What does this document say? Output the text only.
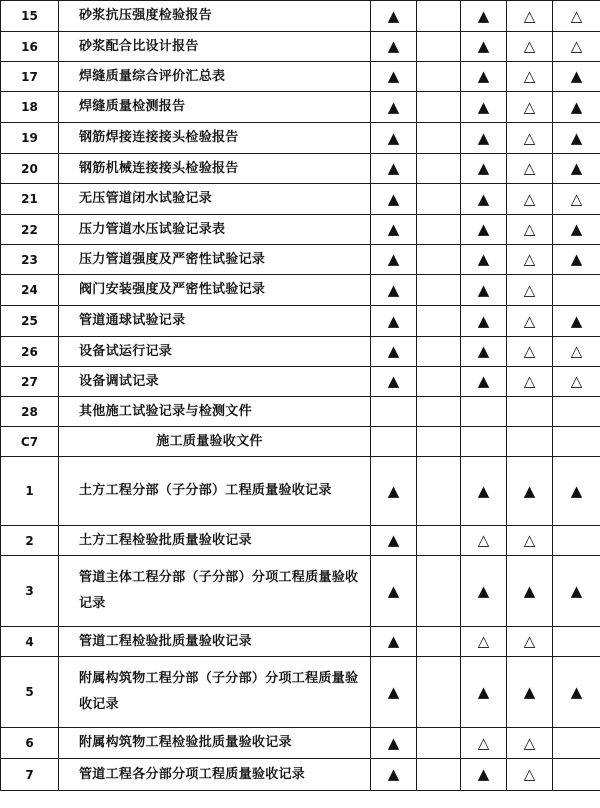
15	砂浆抗压强度检验报告	▲		▲	△	△
16	砂浆配合比设计报告	▲		▲	△	△
17	焊缝质量综合评价汇总表	▲		▲	△	▲
18	焊缝质量检测报告	▲		▲	△	▲
19	钢筋焊接连接接头检验报告	▲		▲	△	▲
20	钢筋机械连接接头检验报告	▲		▲	△	▲
21	无压管道闭水试验记录	▲		▲	△	△
22	压力管道水压试验记录表	▲		▲	△	▲
23	压力管道强度及严密性试验记录	▲		▲	△	▲
24	阀门安装强度及严密性试验记录	▲		▲	△	
25	管道通球试验记录	▲		▲	△	▲
26	设备试运行记录	▲		▲	△	△
27	设备调试记录	▲		▲	△	△
28	其他施工试验记录与检测文件					
C7	施工质量验收文件					
1	土方工程分部（子分部）工程质量验收记录	▲		▲	▲	▲
2	土方工程检验批质量验收记录	▲		△	△	
3	管道主体工程分部（子分部）分项工程质量验收记录	▲		▲	▲	▲
4	管道工程检验批质量验收记录	▲		△	△	
5	附属构筑物工程分部（子分部）分项工程质量验收记录	▲		▲	▲	▲
6	附属构筑物工程检验批质量验收记录	▲		△	△	
7	管道工程各分部分项工程质量验收记录	▲		▲	△	
